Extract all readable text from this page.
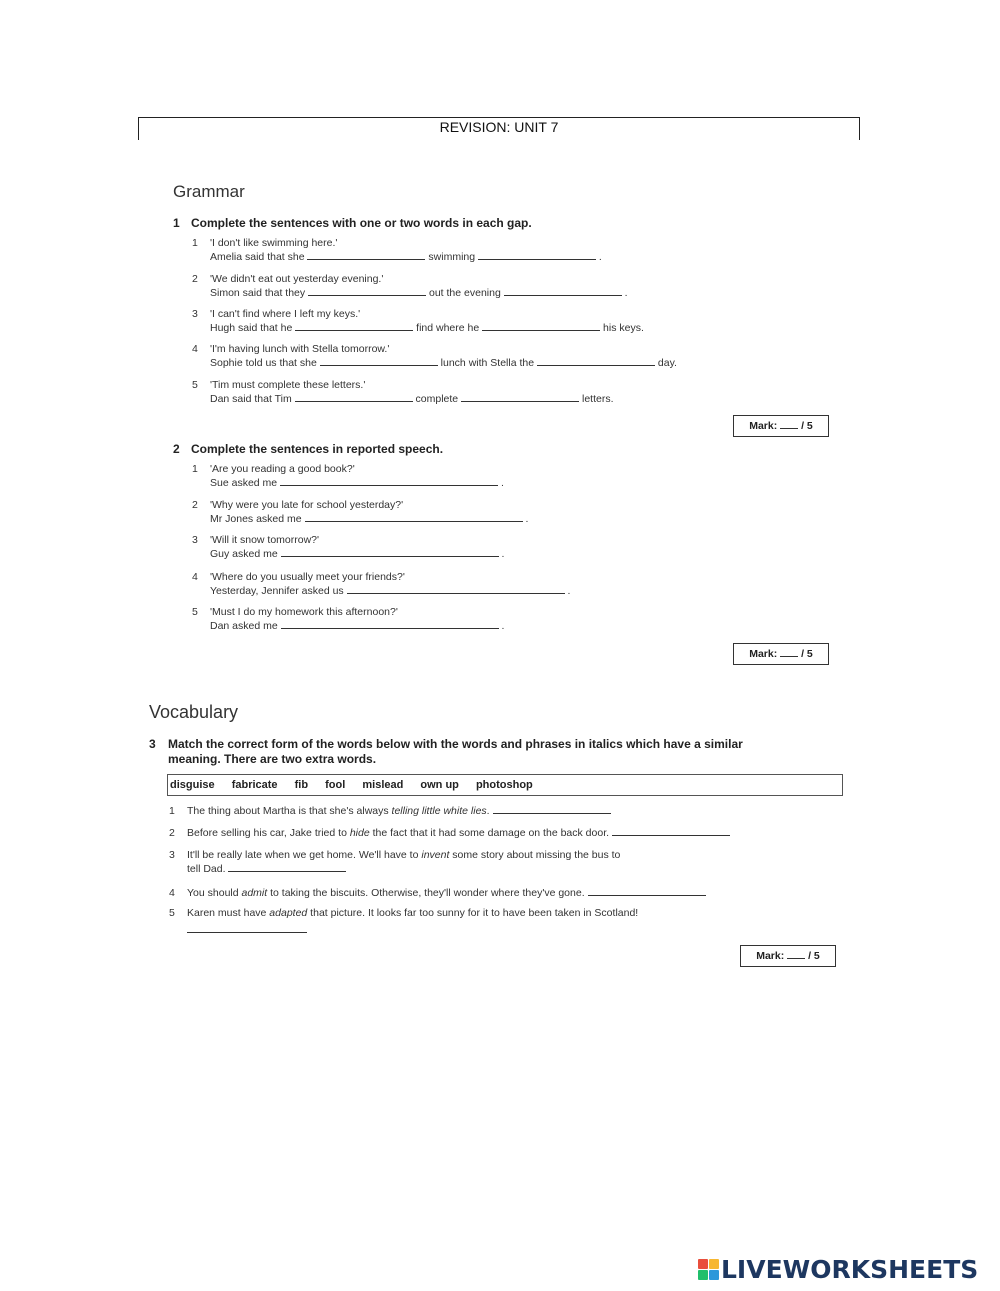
REVISION: UNIT 7
Grammar
1 Complete the sentences with one or two words in each gap.
1 'I don't like swimming here.'
Amelia said that she	swimming	.
2 'We didn't eat out yesterday evening.'
Simon said that they	out the evening	.
3 'I can't find where I left my keys.'
Hugh said that he	find where he	his keys.
4 'I'm having lunch with Stella tomorrow.'
Sophie told us that she	lunch with Stella the	day.
5 'Tim must complete these letters.'
Dan said that Tim	complete	letters.
Mark: / 5
2 Complete the sentences in reported speech.
1 'Are you reading a good book?'
Sue asked me	.
2 'Why were you late for school yesterday?'
Mr Jones asked me	.
3 'Will it snow tomorrow?'
Guy asked me	.
4 'Where do you usually meet your friends?'
Yesterday, Jennifer asked us	.
5 'Must I do my homework this afternoon?'
Dan asked me	.
Mark: / 5
Vocabulary
3 Match the correct form of the words below with the words and phrases in italics which have a similar
meaning. There are two extra words.
disguise fabricate fib fool mislead own up photoshop
1 The thing about Martha is that she's always telling little white lies.
2 Before selling his car, Jake tried to hide the fact that it had some damage on the back door.
3 It'll be really late when we get home. We'll have to invent some story about missing the bus to
tell Dad.
4 You should admit to taking the biscuits. Otherwise, they'll wonder where they've gone.
5 Karen must have adapted that picture. It looks far too sunny for it to have been taken in Scotland!
Mark: / 5
LIVEWORKSHEETS
